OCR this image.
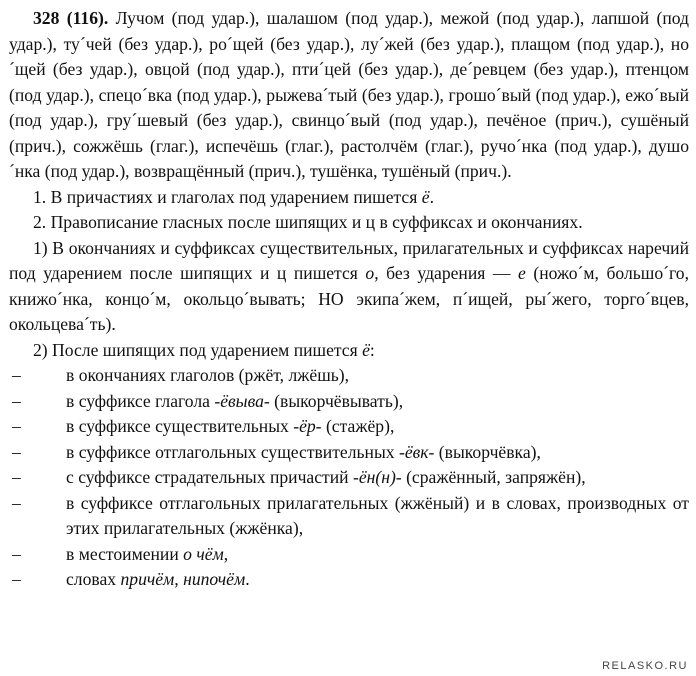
328 (116). Лучом (под удар.), шалашом (под удар.), межой (под удар.), лапшой (под удар.), ту´чей (без удар.), ро´щей (без удар.), лу´жей (без удар.), плащом (под удар.), но´щей (без удар.), овцой (под удар.), пти´цей (без удар.), де´ревцем (без удар.), птенцом (под удар.), спецо´вка (под удар.), рыжева´тый (без удар.), грошо´вый (под удар.), ежо´вый (под удар.), гру´шевый (без удар.), свинцо´вый (под удар.), печёное (прич.), сушёный (прич.), сожжёшь (глаг.), испечёшь (глаг.), растолчём (глаг.), ручо´нка (под удар.), душо´нка (под удар.), возвращённый (прич.), тушёнка, тушёный (прич.).

1. В причастиях и глаголах под ударением пишется ё.

2. Правописание гласных после шипящих и ц в суффиксах и окончаниях.

1) В окончаниях и суффиксах существительных, прилагательных и суффиксах наречий под ударением после шипящих и ц пишется о, без ударения — е (ножо´м, большо´го, книжо´нка, концо´м, окольцо´вывать; НО экипа´жем, п´ищей, ры´жего, торго´вцев, окольцева´ть).

2) После шипящих под ударением пишется ё:

–	в окончаниях глаголов (ржёт, лжёшь),
–	в суффиксе глагола -ёвыва- (выкорчёвывать),
–	в суффиксе существительных -ёр- (стажёр),
–	в суффиксе отглагольных существительных -ёвк- (выкорчёвка),
–	с суффиксе страдательных причастий -ён(н)- (сражённый, запряжён),
–	в суффиксе отглагольных прилагательных (жжёный) и в словах, производных от этих прилагательных (жжёнка),
–	в местоимении о чём,
–	словах причём, нипочём.
RELASKO.RU
